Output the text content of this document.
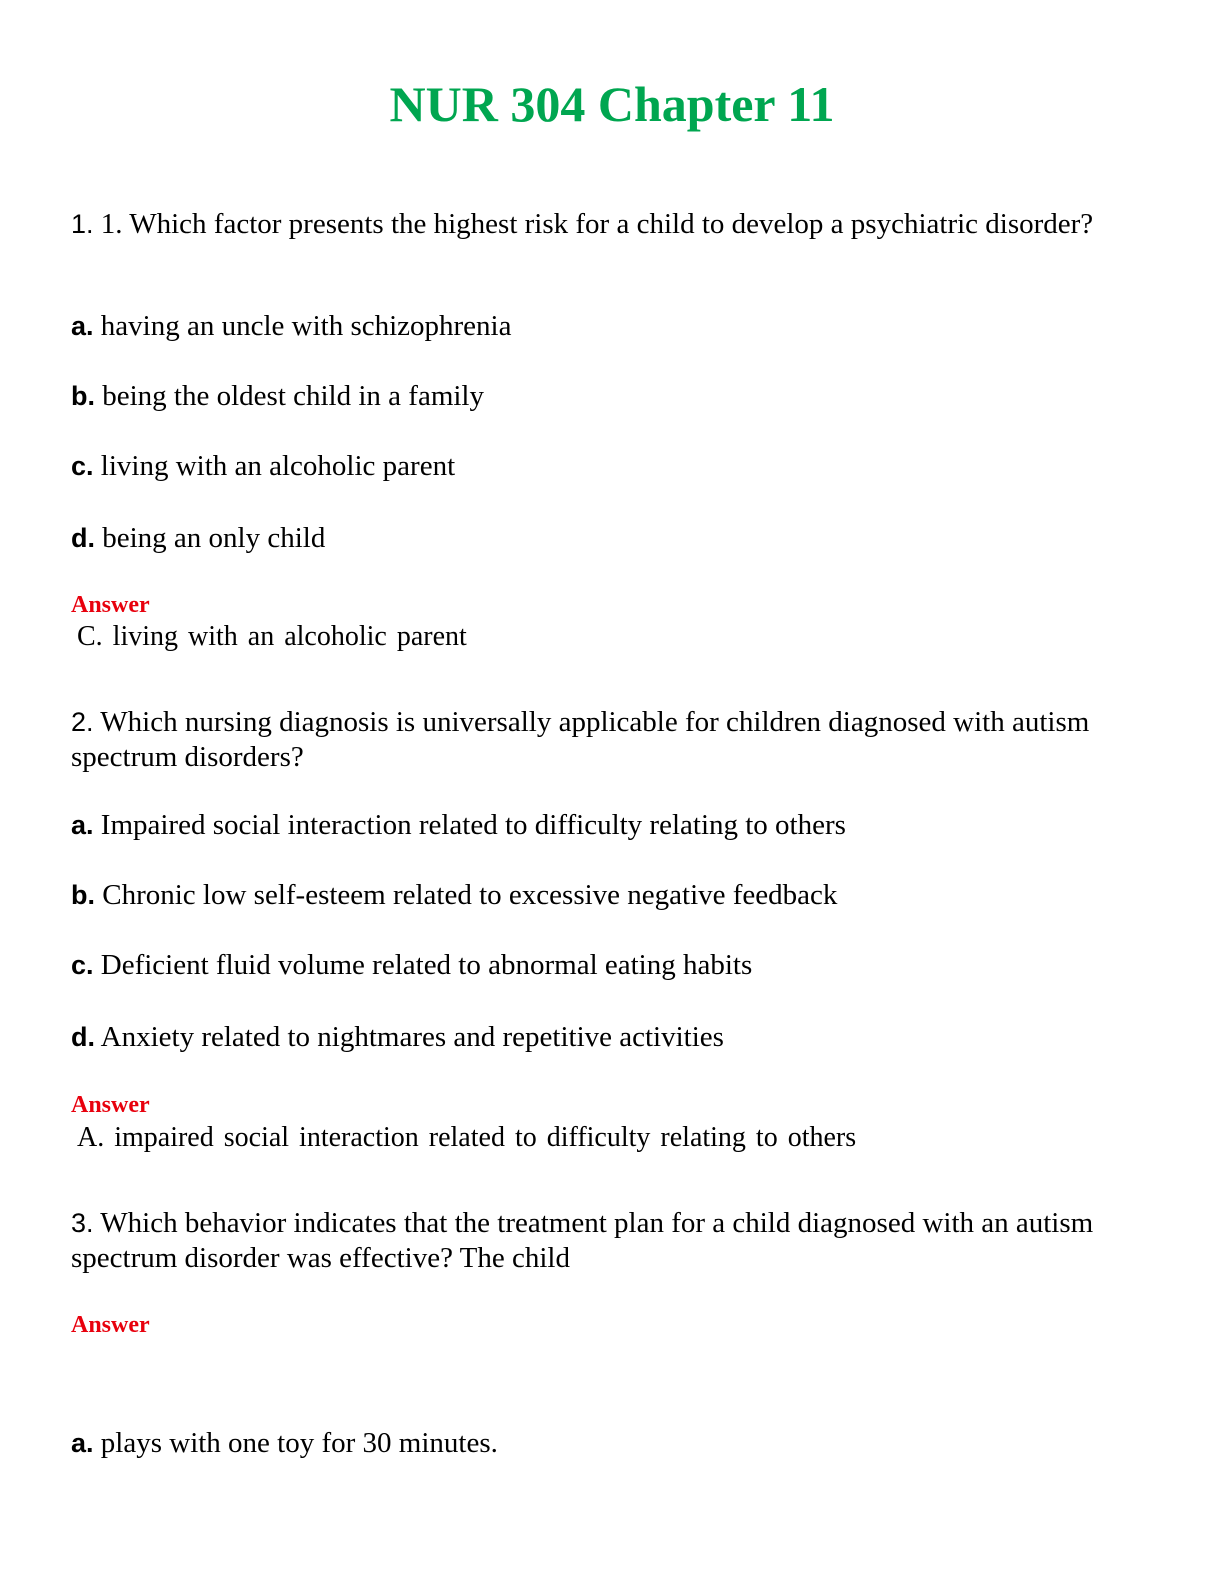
NUR 304 Chapter 11

1. 1. Which factor presents the highest risk for a child to develop a psychiatric disorder?

a. having an uncle with schizophrenia

b. being the oldest child in a family

c. living with an alcoholic parent

d. being an only child

Answer

C. living with an alcoholic parent

2. Which nursing diagnosis is universally applicable for children diagnosed with autism spectrum disorders?

a. Impaired social interaction related to difficulty relating to others

b. Chronic low self-esteem related to excessive negative feedback

c. Deficient fluid volume related to abnormal eating habits

d. Anxiety related to nightmares and repetitive activities

Answer

A. impaired social interaction related to difficulty relating to others

3. Which behavior indicates that the treatment plan for a child diagnosed with an autism spectrum disorder was effective? The child

Answer

a. plays with one toy for 30 minutes.
